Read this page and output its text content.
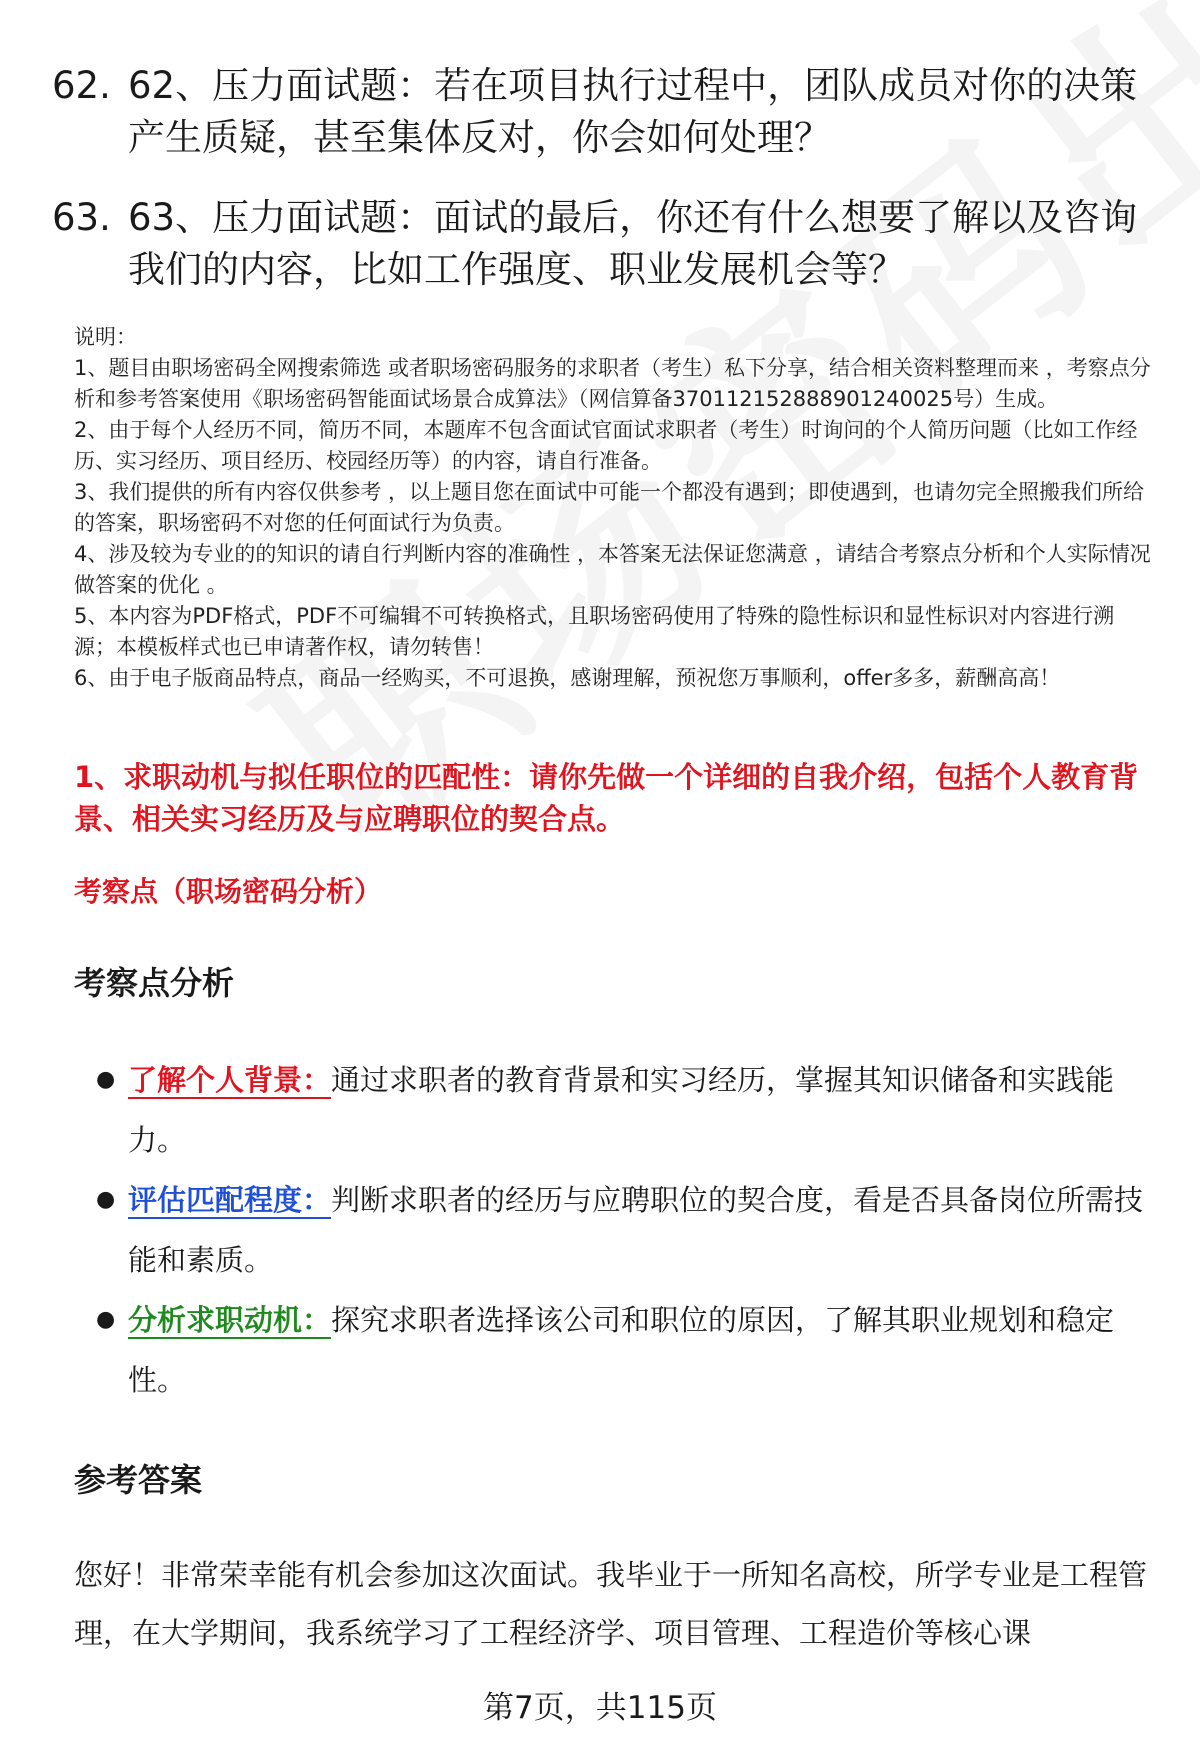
62. 62、压力面试题：若在项目执行过程中，团队成员对你的决策产生质疑，甚至集体反对，你会如何处理？
63. 63、压力面试题：面试的最后，你还有什么想要了解以及咨询我们的内容，比如工作强度、职业发展机会等？
说明：
1、题目由职场密码全网搜索筛选 或者职场密码服务的求职者（考生）私下分享，结合相关资料整理而来 ，考察点分析和参考答案使用《职场密码智能面试场景合成算法》（网信算备370112152888901240025号）生成。
2、由于每个人经历不同，简历不同，本题库不包含面试官面试求职者（考生）时询问的个人简历问题（比如工作经历、实习经历、项目经历、校园经历等）的内容，请自行准备。
3、我们提供的所有内容仅供参考 ，以上题目您在面试中可能一个都没有遇到；即使遇到，也请勿完全照搬我们所给的答案，职场密码不对您的任何面试行为负责。
4、涉及较为专业的的知识的请自行判断内容的准确性 ，本答案无法保证您满意 ，请结合考察点分析和个人实际情况做答案的优化 。
5、本内容为PDF格式，PDF不可编辑不可转换格式，且职场密码使用了特殊的隐性标识和显性标识对内容进行溯源；本模板样式也已申请著作权，请勿转售！
6、由于电子版商品特点，商品一经购买，不可退换，感谢理解，预祝您万事顺利，offer多多，薪酬高高！
1、求职动机与拟任职位的匹配性：请你先做一个详细的自我介绍，包括个人教育背景、相关实习经历及与应聘职位的契合点。
考察点（职场密码分析）
考察点分析
● 了解个人背景：通过求职者的教育背景和实习经历，掌握其知识储备和实践能力。
● 评估匹配程度：判断求职者的经历与应聘职位的契合度，看是否具备岗位所需技能和素质。
● 分析求职动机：探究求职者选择该公司和职位的原因，了解其职业规划和稳定性。
参考答案
您好！非常荣幸能有机会参加这次面试。我毕业于一所知名高校，所学专业是工程管理，在大学期间，我系统学习了工程经济学、项目管理、工程造价等核心课
第7页，共115页
